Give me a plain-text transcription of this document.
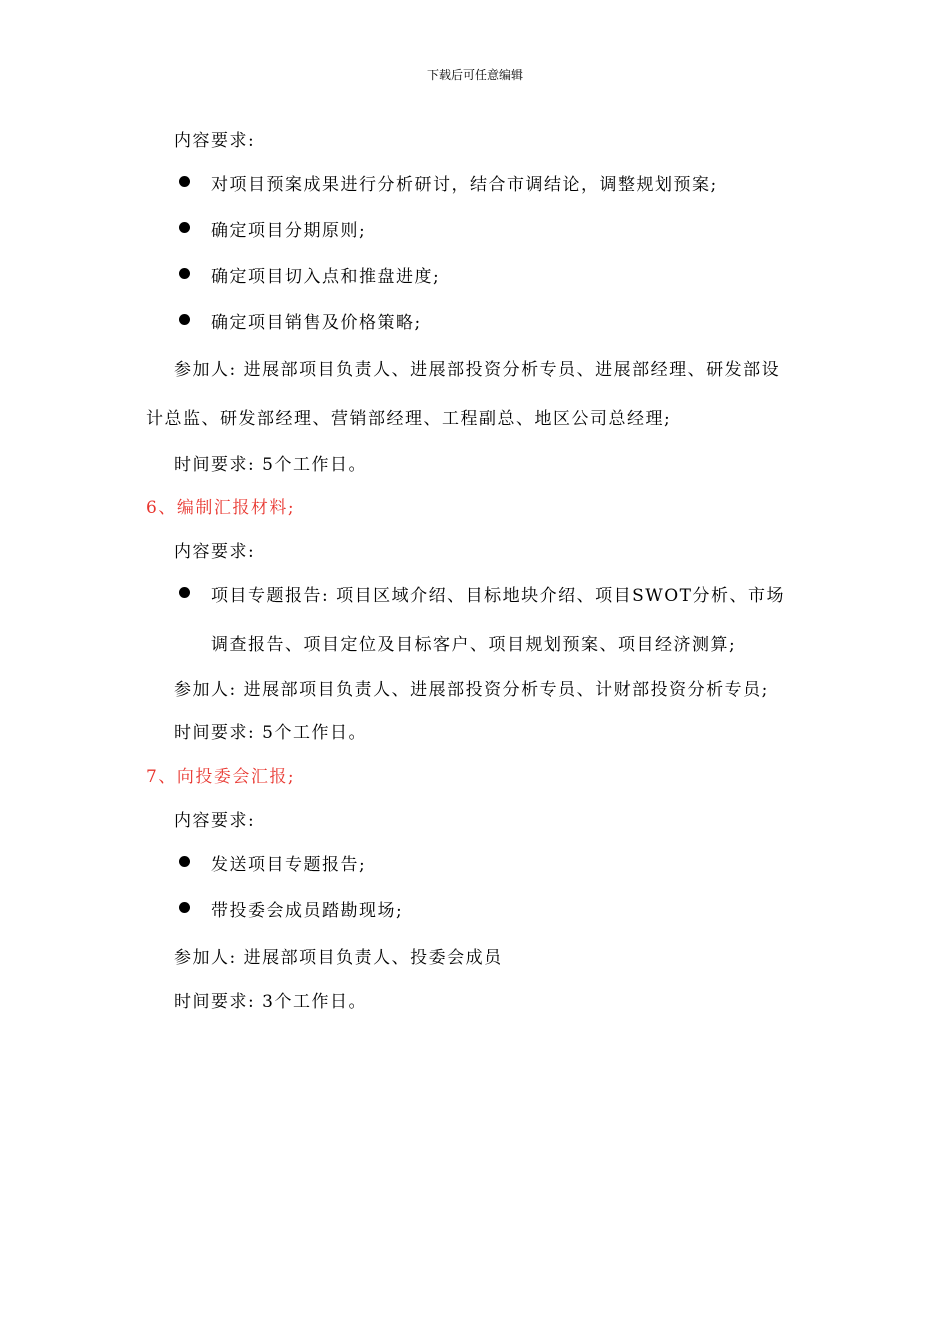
下载后可任意编辑
内容要求:
对项目预案成果进行分析研讨，结合市调结论，调整规划预案;
确定项目分期原则;
确定项目切入点和推盘进度;
确定项目销售及价格策略;
参加人: 进展部项目负责人、进展部投资分析专员、进展部经理、研发部设
计总监、研发部经理、营销部经理、工程副总、地区公司总经理;
时间要求: 5个工作日。
6、编制汇报材料;
内容要求:
项目专题报告: 项目区域介绍、目标地块介绍、项目SWOT分析、市场
调查报告、项目定位及目标客户、项目规划预案、项目经济测算;
参加人: 进展部项目负责人、进展部投资分析专员、计财部投资分析专员;
时间要求: 5个工作日。
7、向投委会汇报;
内容要求:
发送项目专题报告;
带投委会成员踏勘现场;
参加人: 进展部项目负责人、投委会成员
时间要求: 3个工作日。
